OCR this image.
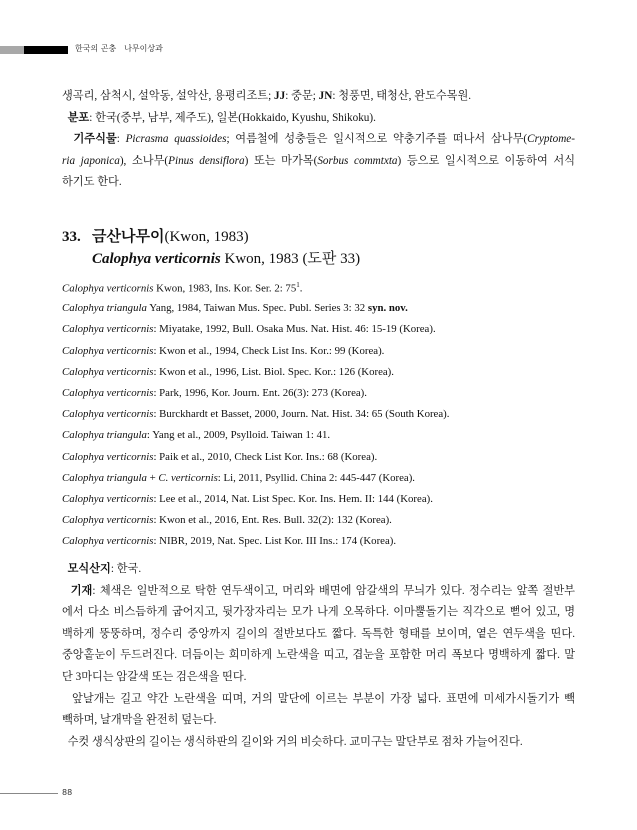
한국의 곤충 나무이상과
생곡리, 삼척시, 설악동, 설악산, 용평리조트; JJ: 중문; JN: 청풍면, 태청산, 완도수목원.
분포: 한국(중부, 남부, 제주도), 일본(Hokkaido, Kyushu, Shikoku).
기주식물: Picrasma quassioides; 여름철에 성충들은 일시적으로 약충기주를 떠나서 삼나무(Cryptome-
ria japonica), 소나무(Pinus densiflora) 또는 마가목(Sorbus commtxta) 등으로 일시적으로 이동하여 서식
하기도 한다.
33. 금산나무이(Kwon, 1983)
Calophya verticornis Kwon, 1983 (도판 33)
Calophya verticornis Kwon, 1983, Ins. Kor. Ser. 2: $75^1$.
Calophya triangula Yang, 1984, Taiwan Mus. Spec. Publ. Series 3: 32 syn. nov.
Calophya verticornis: Miyatake, 1992, Bull. Osaka Mus. Nat. Hist. 46: 15-19 (Korea).
Calophya verticornis: Kwon et al., 1994, Check List Ins. Kor.: 99 (Korea).
Calophya verticornis: Kwon et al., 1996, List. Biol. Spec. Kor.: 126 (Korea).
Calophya verticornis: Park, 1996, Kor. Journ. Ent. 26(3): 273 (Korea).
Calophya verticornis: Burckhardt et Basset, 2000, Journ. Nat. Hist. 34: 65 (South Korea).
Calophya triangula: Yang et al., 2009, Psylloid. Taiwan 1: 41.
Calophya verticornis: Paik et al., 2010, Check List Kor. Ins.: 68 (Korea).
Calophya triangula + C. verticornis: Li, 2011, Psyllid. China 2: 445-447 (Korea).
Calophya verticornis: Lee et al., 2014, Nat. List Spec. Kor. Ins. Hem. II: 144 (Korea).
Calophya verticornis: Kwon et al., 2016, Ent. Res. Bull. 32(2): 132 (Korea).
Calophya verticornis: NIBR, 2019, Nat. Spec. List Kor. III Ins.: 174 (Korea).
모식산지: 한국.
기재: 체색은 일반적으로 탁한 연두색이고, 머리와 배면에 암갈색의 무늬가 있다. 정수리는 앞쪽 절반부
에서 다소 비스듬하게 굽어지고, 뒷가장자리는 모가 나게 오목하다. 이마뿔돌기는 직각으로 뻗어 있고, 명
백하게 뚱뚱하며, 정수리 중앙까지 길이의 절반보다도 짧다. 독특한 형태를 보이며, 옅은 연두색을 띤다.
중앙홑눈이 두드러진다. 더듬이는 희미하게 노란색을 띠고, 겹눈을 포함한 머리 폭보다 명백하게 짧다. 말
단 3마디는 암갈색 또는 검은색을 띤다.
앞날개는 길고 약간 노란색을 띠며, 거의 말단에 이르는 부분이 가장 넓다. 표면에 미세가시돌기가 빽
빽하며, 날개막을 완전히 덮는다.
수컷 생식상판의 길이는 생식하판의 길이와 거의 비슷하다. 교미구는 말단부로 점차 가늘어진다.
88
